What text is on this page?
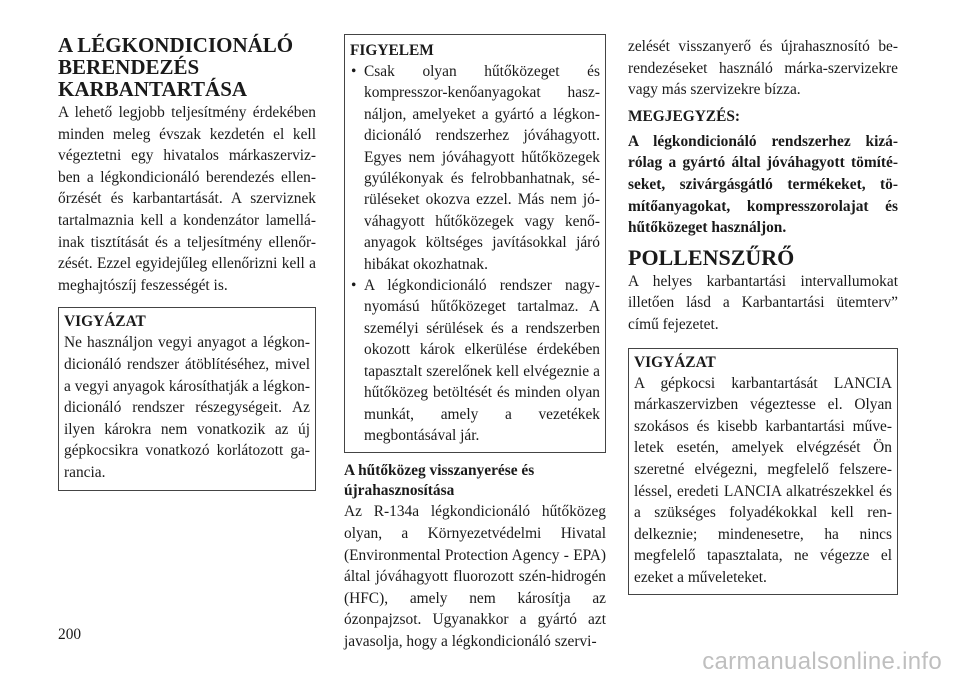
A LÉGKONDICIONÁLÓ
BERENDEZÉS
KARBANTARTÁSA

A lehető legjobb teljesítmény érdekében minden meleg évszak kezdetén el kell végeztetni egy hivatalos márkaszerviz-ben a légkondicionáló berendezés ellen-őrzését és karbantartását. A szerviznek tartalmaznia kell a kondenzátor lamellá-inak tisztítását és a teljesítmény ellenőr-zését. Ezzel egyidejűleg ellenőrizni kell a meghajtószíj feszességét is.

VIGYÁZAT

Ne használjon vegyi anyagot a légkon-dicionáló rendszer átöblítéséhez, mivel a vegyi anyagok károsíthatják a légkon-dicionáló rendszer részegységeit. Az ilyen károkra nem vonatkozik az új gépkocsikra vonatkozó korlátozott ga-rancia.

FIGYELEM
• Csak olyan hűtőközeget és kompresszor-kenőanyagokat hasz-náljon, amelyeket a gyártó a légkon-dicionáló rendszerhez jóváhagyott. Egyes nem jóváhagyott hűtőközegek gyúlékonyak és felrobbanhatnak, sé-rüléseket okozva ezzel. Más nem jó-váhagyott hűtőközegek vagy kenő-anyagok költséges javításokkal járó hibákat okozhatnak.
• A légkondicionáló rendszer nagy-nyomású hűtőközeget tartalmaz. A személyi sérülések és a rendszerben okozott károk elkerülése érdekében tapasztalt szerelőnek kell elvégeznie a hűtőközeg betöltését és minden olyan munkát, amely a vezetékek megbontásával jár.

A hűtőközeg visszanyerése és

újrahasznosítása

Az R-134a légkondicionáló hűtőközeg olyan, a Környezetvédelmi Hivatal (Environmental Protection Agency - EPA) által jóváhagyott fluorozott szén-hidrogén (HFC), amely nem károsítja az ózonpajzsot. Ugyanakkor a gyártó azt javasolja, hogy a légkondicionáló szervi-

zelését visszanyerő és újrahasznosító be-rendezéseket használó márka-szervizekre vagy más szervizekre bízza.

MEGJEGYZÉS:

A légkondicionáló rendszerhez kizá-rólag a gyártó által jóváhagyott tömíté-seket, szivárgásgátló termékeket, tö-mítőanyagokat, kompresszorolajat és hűtőközeget használjon.

POLLENSZŰRŐ

A helyes karbantartási intervallumokat illetően lásd a Karbantartási ütemterv” című fejezetet.

VIGYÁZAT

A gépkocsi karbantartását LANCIA márkaszervizben végeztesse el. Olyan szokásos és kisebb karbantartási műve-letek esetén, amelyek elvégzését Ön szeretné elvégezni, megfelelő felszere-léssel, eredeti LANCIA alkatrészekkel és a szükséges folyadékokkal kell ren-delkeznie; mindenesetre, ha nincs megfelelő tapasztalata, ne végezze el ezeket a műveleteket.

200
carmanualsonline.info
